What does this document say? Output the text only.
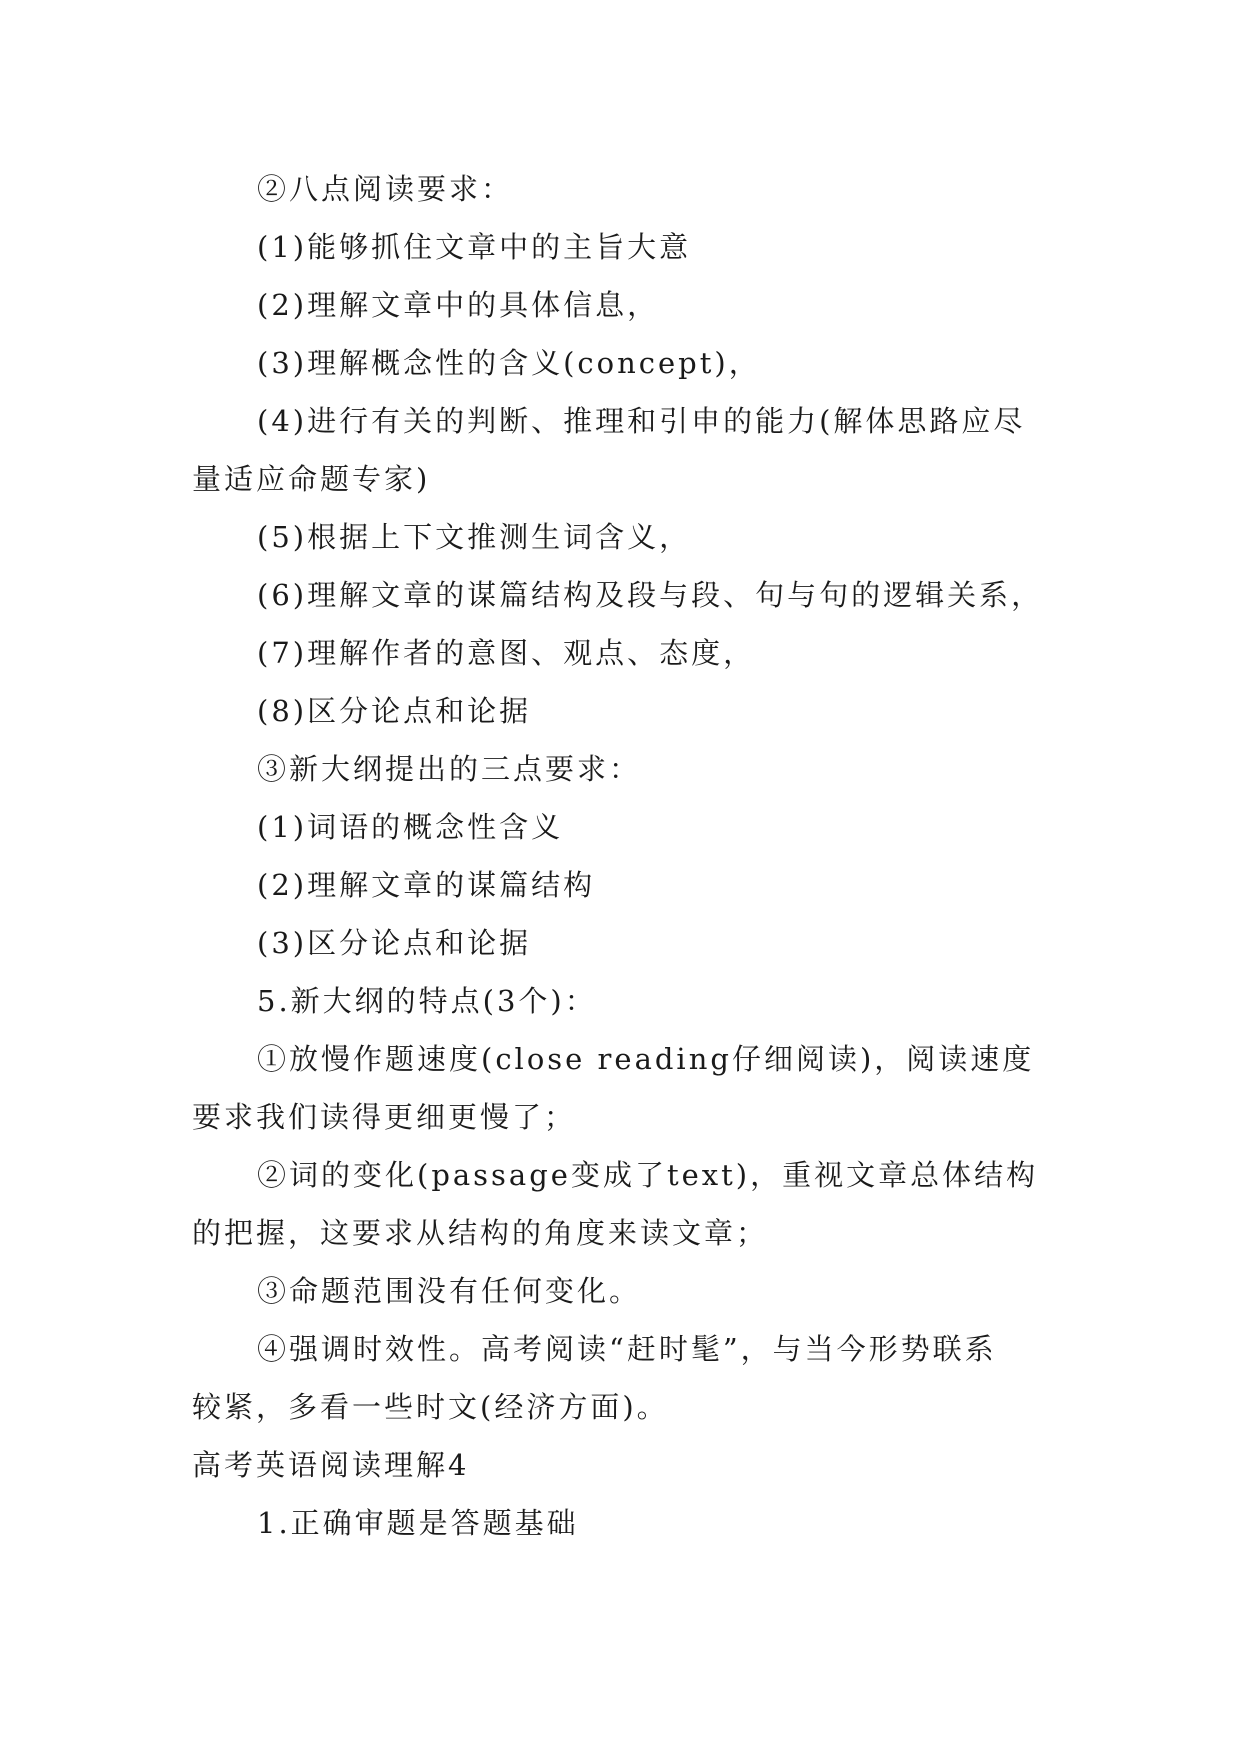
②八点阅读要求：
(1)能够抓住文章中的主旨大意
(2)理解文章中的具体信息，
(3)理解概念性的含义(concept)，
(4)进行有关的判断、推理和引申的能力(解体思路应尽
量适应命题专家)
(5)根据上下文推测生词含义，
(6)理解文章的谋篇结构及段与段、句与句的逻辑关系，
(7)理解作者的意图、观点、态度，
(8)区分论点和论据
③新大纲提出的三点要求：
(1)词语的概念性含义
(2)理解文章的谋篇结构
(3)区分论点和论据
5.新大纲的特点(3个)：
①放慢作题速度(close reading仔细阅读)，阅读速度
要求我们读得更细更慢了；
②词的变化(passage变成了text)，重视文章总体结构
的把握，这要求从结构的角度来读文章；
③命题范围没有任何变化。
④强调时效性。高考阅读“赶时髦”，与当今形势联系
较紧，多看一些时文(经济方面)。
高考英语阅读理解4
1.正确审题是答题基础
